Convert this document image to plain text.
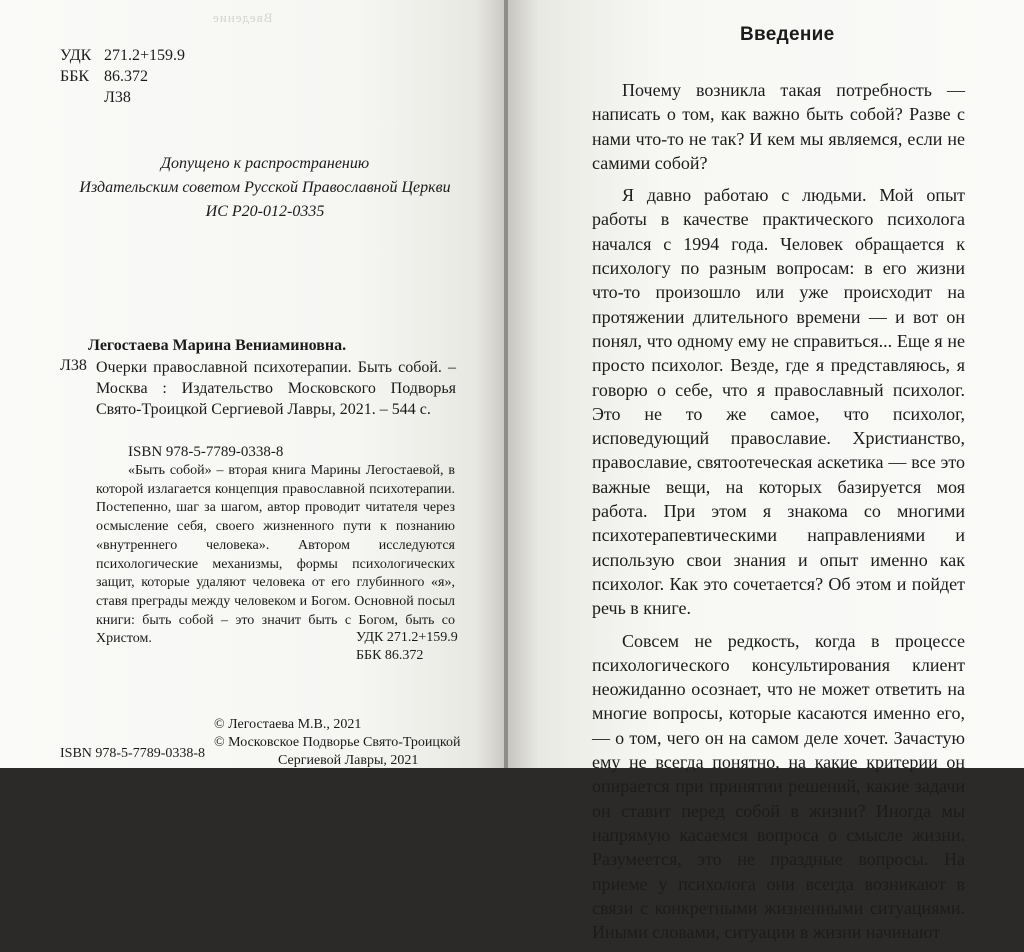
Введение
УДК 271.2+159.9
ББК 86.372
Л38
Допущено к распространению
Издательским советом Русской Православной Церкви
ИС Р20-012-0335
Легостаева Марина Вениаминовна.
Л38 Очерки православной психотерапии. Быть собой. – Москва : Издательство Московского Подворья Свято-Троицкой Сергиевой Лавры, 2021. – 544 с.
ISBN 978-5-7789-0338-8
«Быть собой» – вторая книга Марины Легостаевой, в которой излагается концепция православной психотерапии. Постепенно, шаг за шагом, автор проводит читателя через осмысление себя, своего жизненного пути к познанию «внутреннего человека». Автором исследуются психологические механизмы, формы психологических защит, которые удаляют человека от его глубинного «я», ставя преграды между человеком и Богом. Основной посыл книги: быть собой – это значит быть с Богом, быть со Христом.	УДК 271.2+159.9
ББК 86.372
© Легостаева М.В., 2021
© Московское Подворье Свято-Троицкой
Сергиевой Лавры, 2021
ISBN 978-5-7789-0338-8
Введение

Почему возникла такая потребность — написать о том, как важно быть собой? Разве с нами что-то не так? И кем мы являемся, если не самими собой?

Я давно работаю с людьми. Мой опыт работы в качестве практического психолога начался с 1994 года. Человек обращается к психологу по разным вопросам: в его жизни что-то произошло или уже происходит на протяжении длительного времени — и вот он понял, что одному ему не справиться... Еще я не просто психолог. Везде, где я представляюсь, я говорю о себе, что я православный психолог. Это не то же самое, что психолог, исповедующий православие. Христианство, православие, святоотеческая аскетика — все это важные вещи, на которых базируется моя работа. При этом я знакома со многими психотерапевтическими направлениями и использую свои знания и опыт именно как психолог. Как это сочетается? Об этом и пойдет речь в книге.

Совсем не редкость, когда в процессе психологического консультирования клиент неожиданно осознает, что не может ответить на многие вопросы, которые касаются именно его, — о том, чего он на самом деле хочет. Зачастую ему не всегда понятно, на какие критерии он опирается при принятии решений, какие задачи он ставит перед собой в жизни? Иногда мы напрямую касаемся вопроса о смысле жизни. Разумеется, это не праздные вопросы. На приеме у психолога они всегда возникают в связи с конкретными жизненными ситуациями. Иными словами, ситуации в жизни начинают
